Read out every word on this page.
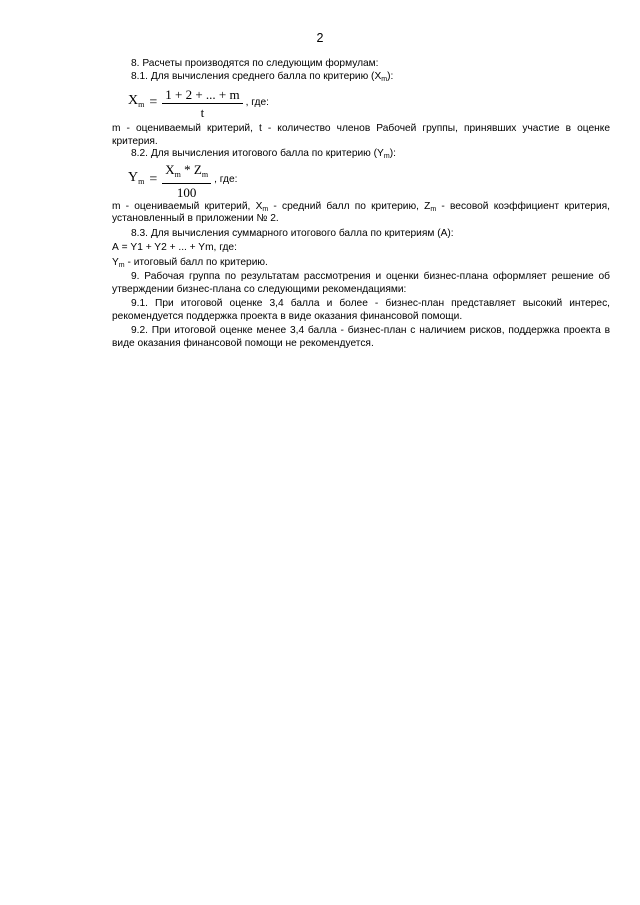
2

8. Расчеты производятся по следующим формулам:

8.1. Для вычисления среднего балла по критерию $(X_m)$:

$X_m = \frac{1 + 2 + ... + m}{t}$ , где:

m - оцениваемый критерий, t - количество членов Рабочей группы, принявших участие в оценке критерия.

8.2. Для вычисления итогового балла по критерию $(Y_m)$:

$Y_m = \frac{X_m * Z_m}{100}$ , где:

m - оцениваемый критерий, $X_m$ - средний балл по критерию, $Z_m$ - весовой коэффициент критерия, установленный в приложении № 2.

8.3. Для вычисления суммарного итогового балла по критериям (А):

А = Y1 + Y2 + ... + Ym, где:

$Y_m$ - итоговый балл по критерию.

9. Рабочая группа по результатам рассмотрения и оценки бизнес-плана оформляет решение об утверждении бизнес-плана со следующими рекомендациями:

9.1. При итоговой оценке 3,4 балла и более - бизнес-план представляет высокий интерес, рекомендуется поддержка проекта в виде оказания финансовой помощи.

9.2. При итоговой оценке менее 3,4 балла - бизнес-план с наличием рисков, поддержка проекта в виде оказания финансовой помощи не рекомендуется.
